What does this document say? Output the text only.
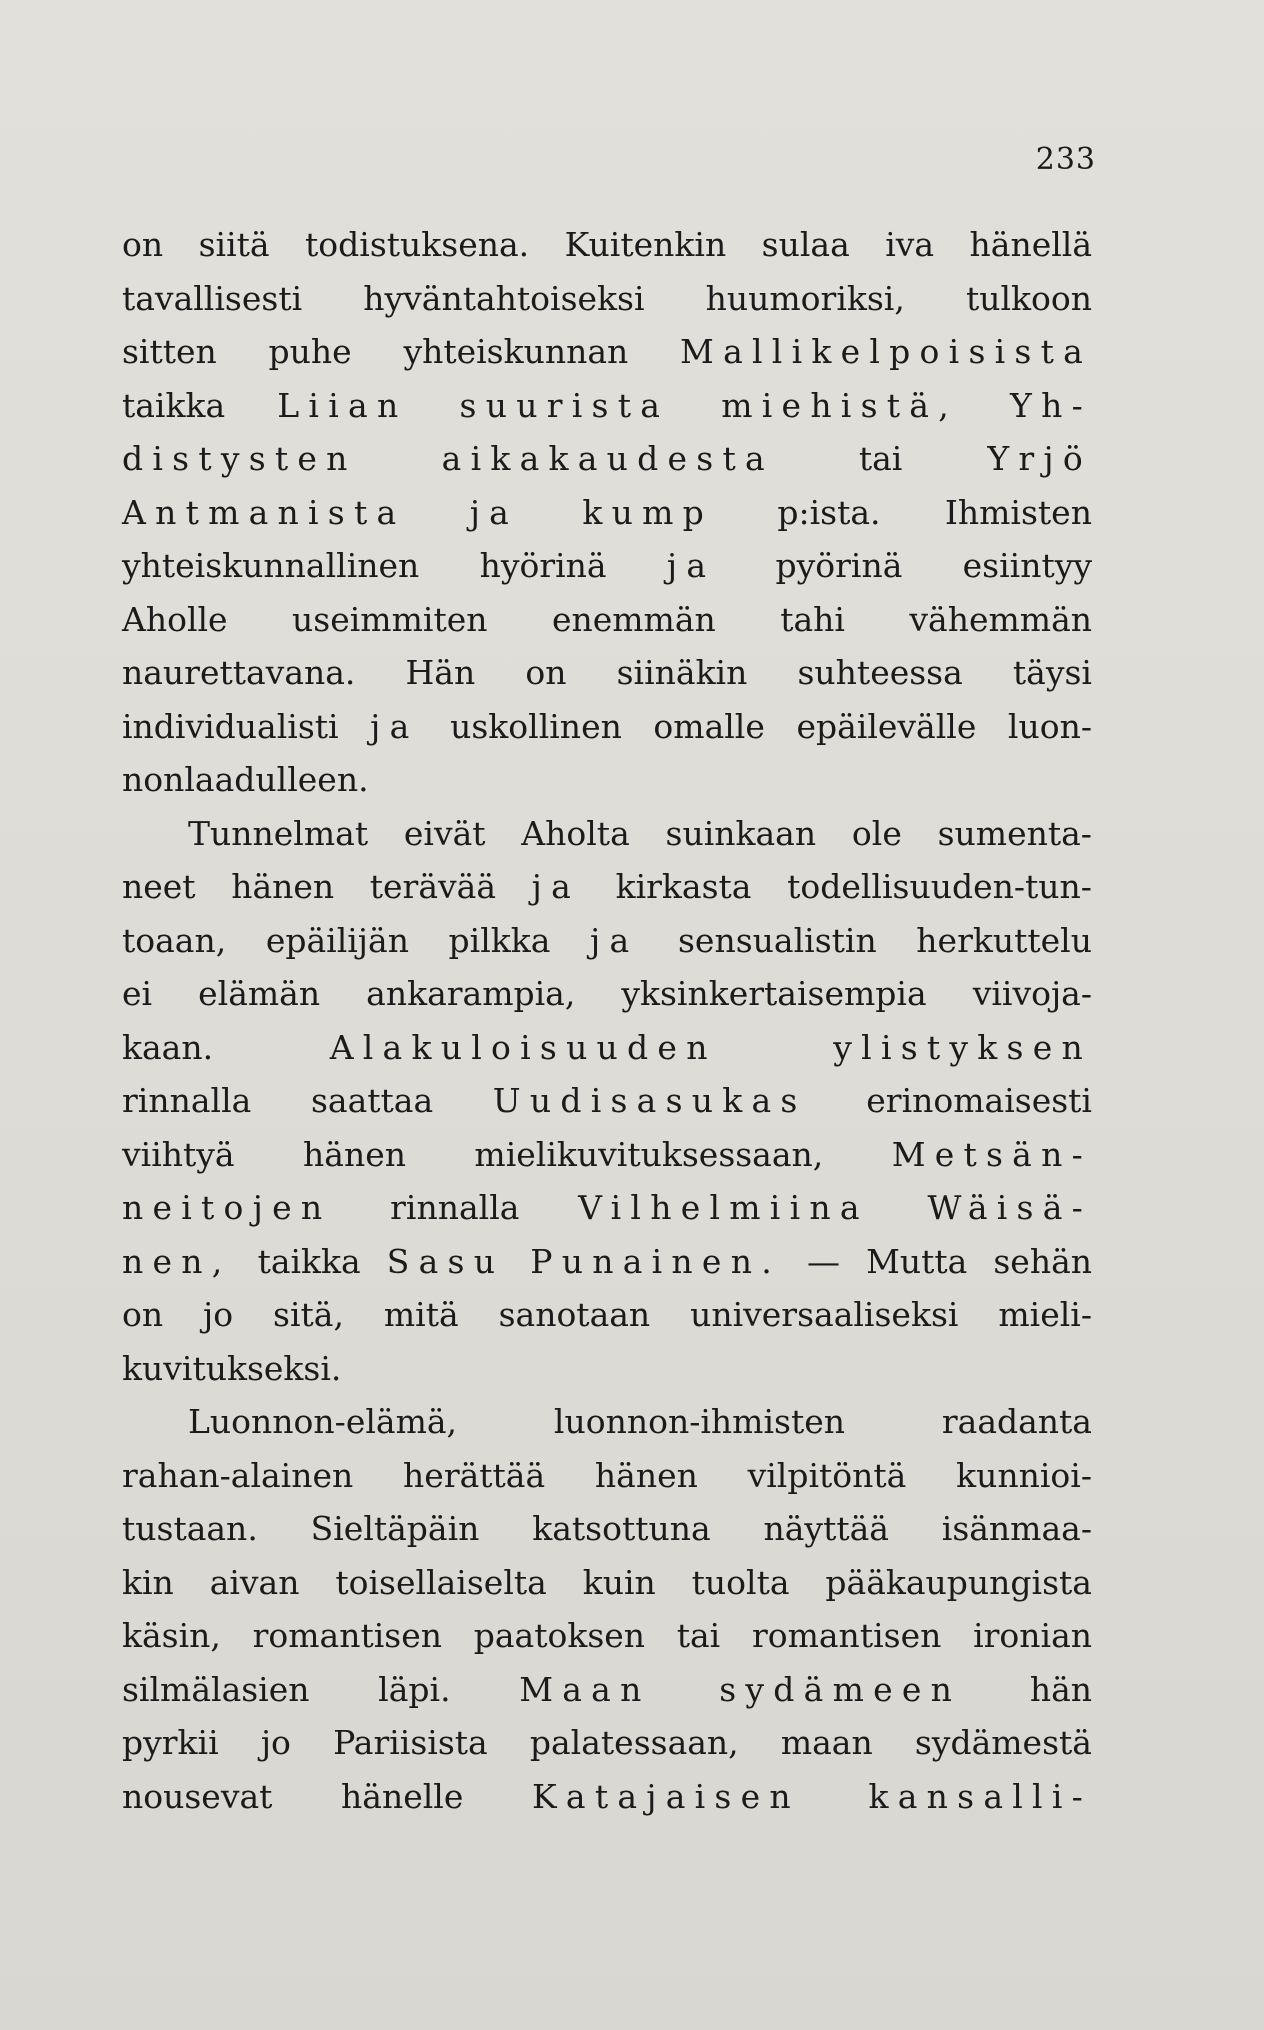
233
on siitä todistuksena. Kuitenkin sulaa iva hänellä
tavallisesti hyväntahtoiseksi huumoriksi, tulkoon
sitten puhe yhteiskunnan Mallikelpoisista
taikka Liian suurista miehistä, Yh-
distysten	aikakaudesta	tai	Yrjö
Antmanista ja kump p:ista. Ihmisten
yhteiskunnallinen hyörinä ja pyörinä esiintyy
Aholle useimmiten enemmän tahi vähemmän
naurettavana. Hän on siinäkin suhteessa täysi
individualisti ja uskollinen omalle epäilevälle luon-
nonlaadulleen.
Tunnelmat eivät Aholta suinkaan ole sumenta-
neet hänen terävää ja kirkasta todellisuuden-tun-
toaan, epäilijän pilkka ja sensualistin herkuttelu
ei elämän ankarampia, yksinkertaisempia viivoja-
kaan.	Alakuloisuuden	ylistyksen
rinnalla saattaa Uudisasukas erinomaisesti
viihtyä hänen mielikuvituksessaan, Metsän-
neitojen rinnalla Vilhelmiina Wäisä-
nen, taikka Sasu Punainen. — Mutta sehän
on jo sitä, mitä sanotaan universaaliseksi mieli-
kuvitukseksi.
Luonnon-elämä,	luonnon-ihmisten	raadanta
rahan-alainen herättää hänen vilpitöntä kunnioi-
tustaan. Sieltäpäin katsottuna näyttää isänmaa-
kin aivan toisellaiselta kuin tuolta pääkaupungista
käsin, romantisen paatoksen tai romantisen ironian
silmälasien läpi. Maan sydämeen hän
pyrkii jo Pariisista palatessaan, maan sydämestä
nousevat hänelle Katajaisen kansalli-
